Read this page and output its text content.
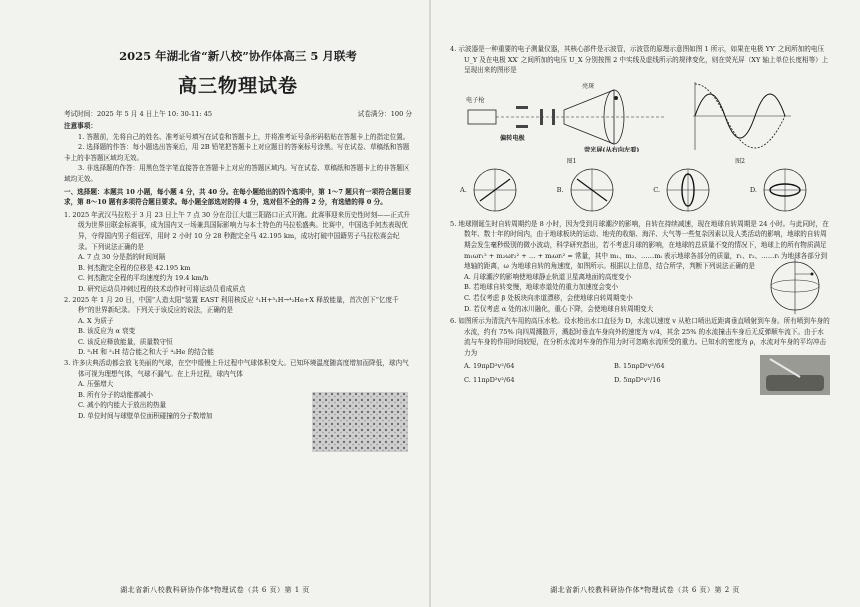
2025 年湖北省“新八校”协作体高三 5 月联考
高三物理试卷
考试时间：2025 年 5 月 4 日上午 10: 30-11: 45	试卷满分：100 分

注意事项：

1. 答题前，先将自己的姓名、准考证号填写在试卷和答题卡上，并将准考证号条形码粘贴在答题卡上的指定位置。

2. 选择题的作答：每小题选出答案后，用 2B 铅笔把答题卡上对应题目的答案标号涂黑。写在试卷、草稿纸和答题卡上的非答题区域均无效。

3. 非选择题的作答：用黑色签字笔直接答在答题卡上对应的答题区域内。写在试卷、草稿纸和答题卡上的非答题区域均无效。

一、选择题：本题共 10 小题，每小题 4 分，共 40 分。在每小题给出的四个选项中，第 1～7 题只有一项符合题目要求，第 8～10 题有多项符合题目要求。每小题全部选对的得 4 分，选对但不全的得 2 分，有选错的得 0 分。

1. 2025 年武汉马拉松于 3 月 23 日上午 7 点 30 分在沿江大道三阳路口正式开跑。此赛事迎来历史性时刻——正式升级为世界田联金标赛事，成为国内又一场兼具国际影响力与本土特色的马拉松盛典。比赛中，中国选手何杰表现优异，夺得国内男子组冠军，用时 2 小时 10 分 28 秒跑完全马 42.195 km，成功打破中国籍男子马拉松赛会纪录。下列说法正确的是

A. 7 点 30 分是指的时间间隔

B. 何杰跑完全程的位移是 42.195 km

C. 何杰跑完全程的平均速度约为 19.4 km/h

D. 研究运动员冲刺过程的技术动作时可将运动员看成质点

2. 2025 年 1 月 20 日，中国“人造太阳”装置 EAST 利用核反应 ²₁H+³₁H→⁴₂He+X 释放能量，首次创下“亿度千秒”的世界新纪录。下列关于该反应的说法，正确的是

A. X 为质子

B. 该反应为 α 衰变

C. 该反应释放能量，质量数守恒

D. ³₁H 和 ²₁H 结合能之和大于 ⁴₂He 的结合能

3. 许多庆典活动都会放飞美丽的气球，在空中缓慢上升过程中气球体积变大。已知环境温度随高度增加而降低，球内气体可视为理想气体，气球不漏气。在上升过程，球内气体

A. 压强增大

B. 所有分子的动能都减小

C. 减小的内能大于放出的热量

D. 单位时间与球壁单位面积碰撞的分子数增加

湖北省新八校教科研协作体*物理试卷（共 6 页）第 1 页

4. 示波器是一种重要的电子测量仪器，其核心部件是示波管，示波管的原理示意图如图 1 所示，如果在电极 YY′ 之间所加的电压 U_Y 及在电极 XX′ 之间所加的电压 U_X 分别按图 2 中实线及虚线所示的规律变化，则在荧光屏（XY 轴上单位长度相等）上呈现出来的图形是

电子枪
亮斑
偏转电极
荧光屏(从右向左看)
图1	图2
A.	B.	C.	D.

5. 地球刚诞生时自转周期约是 8 小时，因为受到月球潮汐的影响，自转在持续减速，现在地球自转周期是 24 小时。与此同时，在数年、数十年的时间内，由于地球板块的运动、地壳的收缩、海洋、大气等一些复杂因素以及人类活动的影响，地球的自转周期会发生毫秒级别的微小波动，科学研究指出，若不考虑月球的影响，在地球的总质量不变的情况下，地球上的所有物质满足 m₁ωr₁² + m₂ωr₂² + … + mᵢωrᵢ² = 常量，其中 m₁、m₂、……mᵢ 表示地球各部分的质量，r₁、r₂、……rᵢ 为地球各部分到地轴的距离，ω 为地球自转的角速度，如图所示。根据以上信息，结合所学，判断下列说法正确的是

A. 月球潮汐的影响使地球静止轨道卫星离地面的高度变小

B. 若地球自转变慢，地球赤道处的重力加速度会变小

C. 若仅考虑 β 处板块向赤道漂移，会使地球自转周期变小

D. 若仅考虑 α 处的冰川融化，重心下降，会使地球自转周期变大

6. 如图所示为清洗汽车用的高压水枪。设水枪出水口直径为 D，水流以速度 v 从枪口喷出近距离垂直喷射到车身。所有喷到车身的水流，约有 75% 向四周溅散开，溅起时垂直车身向外的速度为 v/4，其余 25% 的水流撞击车身后无反弹顺车流下。由于水流与车身的作用时间较短，在分析水流对车身的作用力时可忽略水流所受的重力。已知水的密度为 ρ，水流对车身的平均冲击力为

A. 19πρD²v²/64	B. 15πρD²v²/64
C. 11πρD²v²/64	D. 5πρD²v²/16
湖北省新八校教科研协作体*物理试卷（共 6 页）第 2 页
